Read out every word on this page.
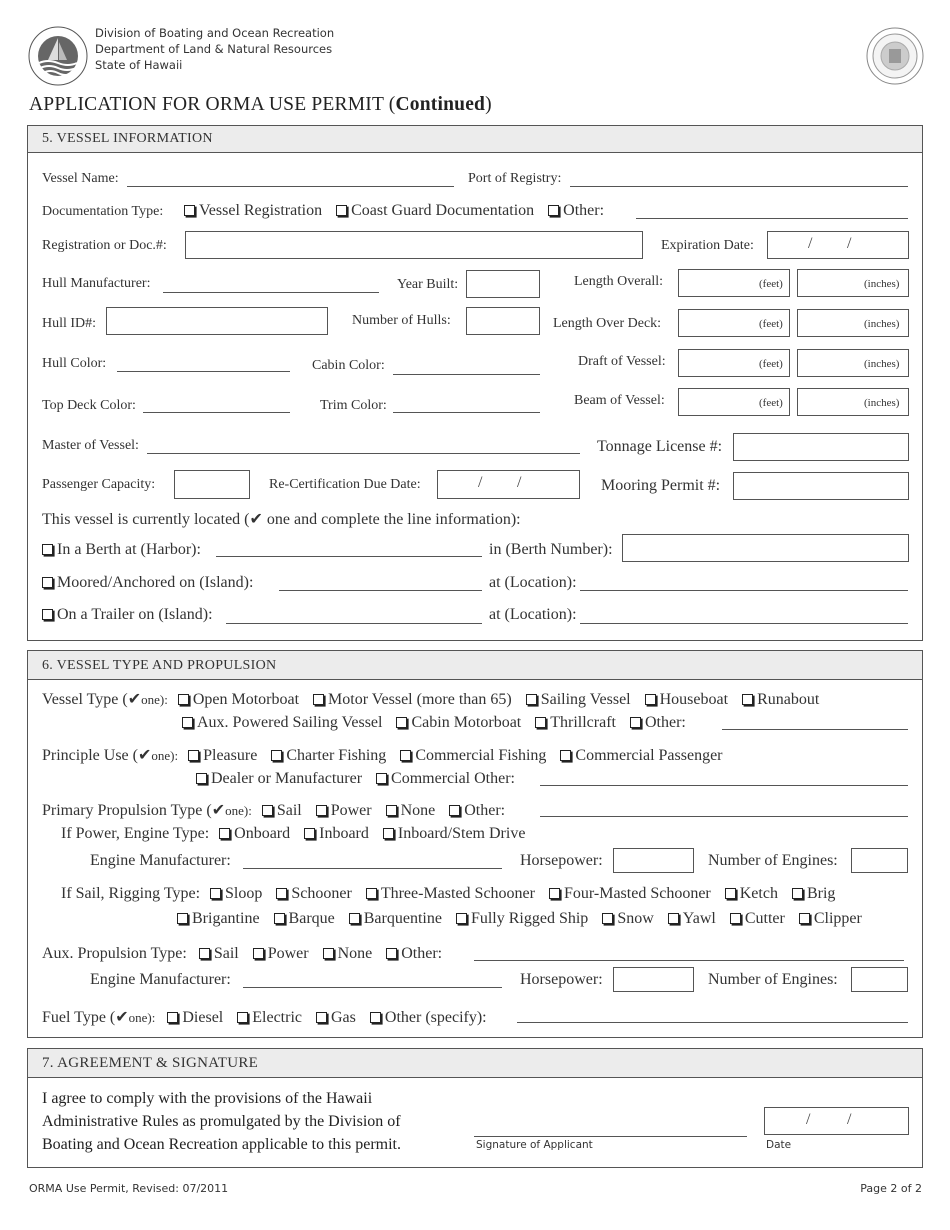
Division of Boating and Ocean Recreation
Department of Land & Natural Resources
State of Hawaii
APPLICATION FOR ORMA USE PERMIT (Continued)
5. VESSEL INFORMATION
Vessel Name:	Port of Registry:
Documentation Type:	Vessel Registration Coast Guard Documentation Other:
Registration or Doc.#:	Expiration Date:	/ /
Hull Manufacturer:	Year Built:	Length Overall:	(feet)	(inches)
Hull ID#:	Number of Hulls:	Length Over Deck:	(feet)	(inches)
Hull Color:	Cabin Color:	Draft of Vessel:	(feet)	(inches)
Top Deck Color:	Trim Color:	Beam of Vessel:	(feet)	(inches)
Master of Vessel:	Tonnage License #:
Passenger Capacity:	Re-Certification Due Date:	/ /	Mooring Permit #:
This vessel is currently located (✔ one and complete the line information):
In a Berth at (Harbor):	in (Berth Number):
Moored/Anchored on (Island):	at (Location):
On a Trailer on (Island):	at (Location):
6. VESSEL TYPE AND PROPULSION
Vessel Type (✔one): Open Motorboat Motor Vessel (more than 65) Sailing Vessel Houseboat Runabout
Aux. Powered Sailing Vessel Cabin Motorboat Thrillcraft Other:
Principle Use (✔one): Pleasure Charter Fishing Commercial Fishing Commercial Passenger
Dealer or Manufacturer Commercial Other:
Primary Propulsion Type (✔one): Sail Power None Other:
If Power, Engine Type: Onboard Inboard Inboard/Stem Drive
Engine Manufacturer:	Horsepower:	Number of Engines:
If Sail, Rigging Type: Sloop Schooner Three-Masted Schooner Four-Masted Schooner Ketch Brig
Brigantine Barque Barquentine Fully Rigged Ship Snow Yawl Cutter Clipper
Aux. Propulsion Type: Sail Power None Other:
Engine Manufacturer:	Horsepower:	Number of Engines:
Fuel Type (✔one): Diesel Electric Gas Other (specify):
7. AGREEMENT & SIGNATURE
I agree to comply with the provisions of the Hawaii
Administrative Rules as promulgated by the Division of
Boating and Ocean Recreation applicable to this permit.	Signature of Applicant
/ /
Date
ORMA Use Permit, Revised: 07/2011	Page 2 of 2
